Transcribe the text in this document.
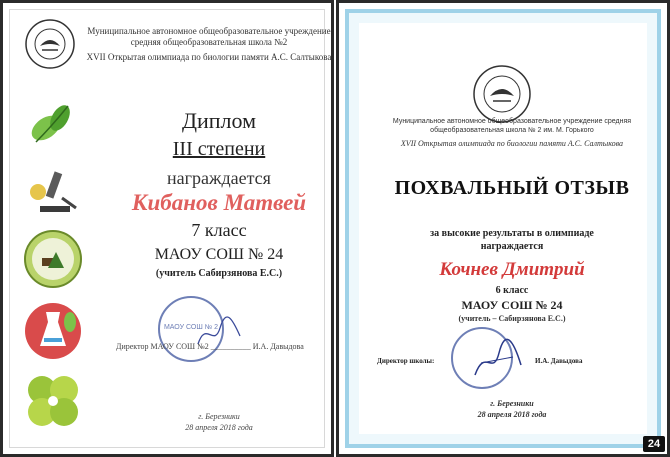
Муниципальное автономное общеобразовательное учреждение средняя общеобразовательная школа №2
XVII Открытая олимпиада по биологии памяти А.С. Салтыкова
Диплом
III степени
награждается
Кибанов Матвей
7 класс
МАОУ СОШ № 24
(учитель Сабирзянова Е.С.)
МАОУ СОШ № 2
Директор МАОУ СОШ №2 __________ И.А. Давыдова
г. Березники
28 апреля 2018 года
Муниципальное автономное общеобразовательное учреждение средняя общеобразовательная школа № 2 им. М. Горького
XVII Открытая олимпиада по биологии памяти А.С. Салтыкова
ПОХВАЛЬНЫЙ ОТЗЫВ
за высокие результаты в олимпиаде
награждается
Кочнев Дмитрий
6 класс
МАОУ СОШ № 24
(учитель – Сабирзянова Е.С.)
Директор школы:	И.А. Давыдова
г. Березники
28 апреля 2018 года
24
